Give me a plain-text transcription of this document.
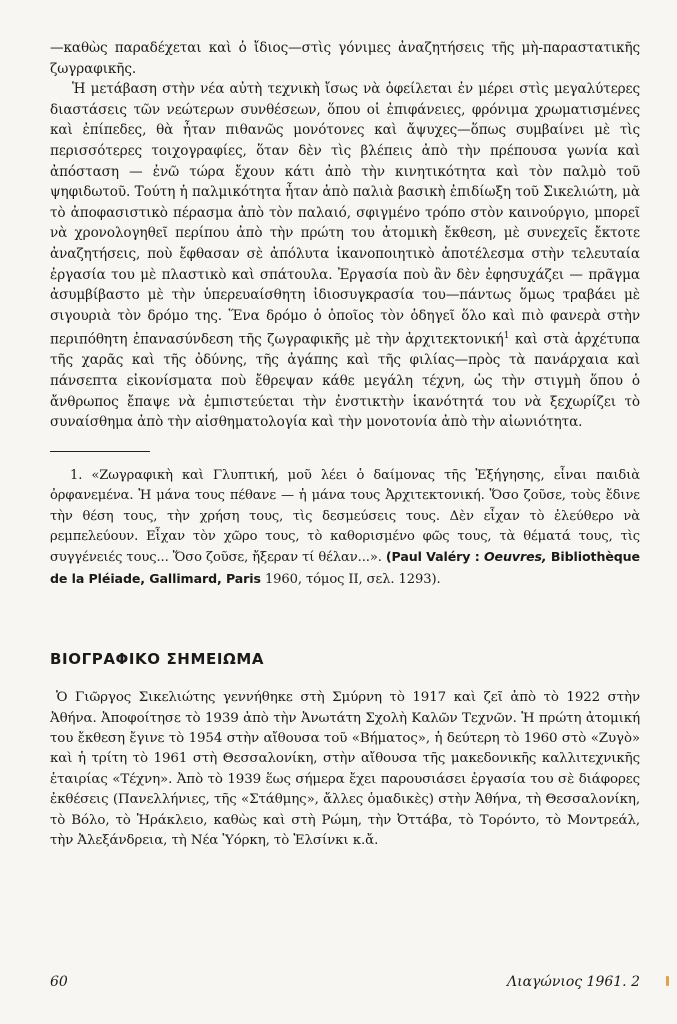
—καθὼς παραδέχεται καὶ ὁ ἴδιος—στὶς γόνιμες ἀναζητήσεις τῆς μὴ-παραστατικῆς ζωγραφικῆς.

Ἡ μετάβαση στὴν νέα αὐτὴ τεχνικὴ ἴσως νὰ ὀφείλεται ἐν μέρει στὶς μεγαλύτερες διαστάσεις τῶν νεώτερων συνθέσεων, ὅπου οἱ ἐπιφάνειες, φρόνιμα χρωματισμένες καὶ ἐπίπεδες, θὰ ἦταν πιθανῶς μονότονες καὶ ἄψυχες—ὅπως συμβαίνει μὲ τὶς περισσότερες τοιχογραφίες, ὅταν δὲν τὶς βλέπεις ἀπὸ τὴν πρέπουσα γωνία καὶ ἀπόσταση — ἐνῶ τώρα ἔχουν κάτι ἀπὸ τὴν κινητικότητα καὶ τὸν παλμὸ τοῦ ψηφιδωτοῦ. Τούτη ἡ παλμικότητα ἦταν ἀπὸ παλιὰ βασικὴ ἐπιδίωξη τοῦ Σικελιώτη, μὰ τὸ ἀποφασιστικὸ πέρασμα ἀπὸ τὸν παλαιό, σφιγμένο τρόπο στὸν καινούργιο, μπορεῖ νὰ χρονολογηθεῖ περίπου ἀπὸ τὴν πρώτη του ἀτομικὴ ἔκθεση, μὲ συνεχεῖς ἔκτοτε ἀναζητήσεις, ποὺ ἔφθασαν σὲ ἀπόλυτα ἱκανοποιητικὸ ἀποτέλεσμα στὴν τελευταία ἐργασία του μὲ πλαστικὸ καὶ σπάτουλα. Ἐργασία ποὺ ἂν δὲν ἐφησυχάζει — πρᾶγμα ἀσυμβίβαστο μὲ τὴν ὑπερευαίσθητη ἰδιοσυγκρασία του—πάντως ὅμως τραβάει μὲ σιγουριὰ τὸν δρόμο της. Ἕνα δρόμο ὁ ὁποῖος τὸν ὁδηγεῖ ὅλο καὶ πιὸ φανερὰ στὴν περιπόθητη ἐπανασύνδεση τῆς ζωγραφικῆς μὲ τὴν ἀρχιτεκτονική$^1$ καὶ στὰ ἀρχέτυπα τῆς χαρᾶς καὶ τῆς ὀδύνης, τῆς ἀγάπης καὶ τῆς φιλίας—πρὸς τὰ πανάρχαια καὶ πάνσεπτα εἰκονίσματα ποὺ ἔθρεψαν κάθε μεγάλη τέχνη, ὡς τὴν στιγμὴ ὅπου ὁ ἄνθρωπος ἔπαψε νὰ ἐμπιστεύεται τὴν ἐνστικτὴν ἱκανότητά του νὰ ξεχωρίζει τὸ συναίσθημα ἀπὸ τὴν αἰσθηματολογία καὶ τὴν μονοτονία ἀπὸ τὴν αἰωνιότητα.

1. «Ζωγραφικὴ καὶ Γλυπτική, μοῦ λέει ὁ δαίμονας τῆς Ἐξήγησης, εἶναι παιδιὰ ὀρφανεμένα. Ἡ μάνα τους πέθανε — ἡ μάνα τους Ἀρχιτεκτονική. Ὅσο ζοῦσε, τοὺς ἔδινε τὴν θέση τους, τὴν χρήση τους, τὶς δεσμεύσεις τους. Δὲν εἶχαν τὸ ἐλεύθερο νὰ ρεμπελεύουν. Εἶχαν τὸν χῶρο τους, τὸ καθορισμένο φῶς τους, τὰ θέματά τους, τὶς συγγένειές τους... Ὅσο ζοῦσε, ἤξεραν τί θέλαν...». (Paul Valéry : Oeuvres, Bibliothèque de la Pléiade, Gallimard, Paris 1960, τόμος II, σελ. 1293).

ΒΙΟΓΡΑΦΙΚΟ ΣΗΜΕΙΩΜΑ

Ὁ Γιῶργος Σικελιώτης γεννήθηκε στὴ Σμύρνη τὸ 1917 καὶ ζεῖ ἀπὸ τὸ 1922 στὴν Ἀθήνα. Ἀποφοίτησε τὸ 1939 ἀπὸ τὴν Ἀνωτάτη Σχολὴ Καλῶν Τεχνῶν. Ἡ πρώτη ἀτομική του ἔκθεση ἔγινε τὸ 1954 στὴν αἴθουσα τοῦ «Βήματος», ἡ δεύτερη τὸ 1960 στὸ «Ζυγὸ» καὶ ἡ τρίτη τὸ 1961 στὴ Θεσσαλονίκη, στὴν αἴθουσα τῆς μακεδονικῆς καλλιτεχνικῆς ἑταιρίας «Τέχνη». Ἀπὸ τὸ 1939 ἕως σήμερα ἔχει παρουσιάσει ἐργασία του σὲ διάφορες ἐκθέσεις (Πανελλήνιες, τῆς «Στάθμης», ἄλλες ὁμαδικὲς) στὴν Ἀθήνα, τὴ Θεσσαλονίκη, τὸ Βόλο, τὸ Ἡράκλειο, καθὼς καὶ στὴ Ρώμη, τὴν Ὀττάβα, τὸ Τορόντο, τὸ Μοντρεάλ, τὴν Ἀλεξάνδρεια, τὴ Νέα Ὑόρκη, τὸ Ἑλσίνκι κ.ἄ.

60	Λιαγώνιος 1961. 2
